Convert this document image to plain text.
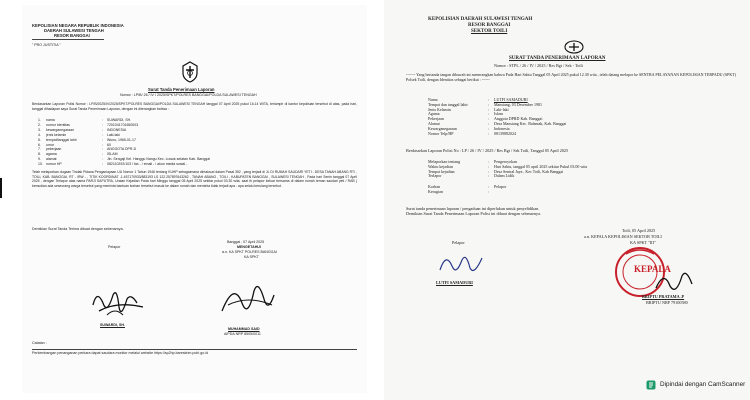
KEPOLISIAN NEGARA REPUBLIK INDONESIA
DAERAH SULAWESI TENGAH
RESOR BANGGAI
" PRO JUSTITIA "
Surat Tanda Penerimaan Laporan
Nomor : LP/B/ 26 / IV / 2025/SPKT/POLRES BANGGAI/POLDA SULAWESI TENGAH
Berdasarkan Laporan Polisi Nomor : LP/B/2025/IV/2025/SPKT/POLRES BANGGAI/POLDA SULAWESI TENGAH tanggal 07 April 2025 pukul 16.14 WITA, terlampir di kantor kepolisian tersebut di atas, pada hari, tanggal dihadapan saya Surat Tanda Penerimaan Laporan, dengan ini diterangkan bahwa :
1.	nama	:	SUWARDI, SH.
2.	nomor identitas	:	7201041701650003
3.	kewarganegaraan	:	INDONESIA
4.	jenis kelamin	:	Laki-laki
5.	tempat/tanggal lahir	:	Wuno, 1965-01-17
6.	umur	:	60
7.	pekerjaan	:	ANGGOTA DPR-D
8.	agama	:	ISLAM
9.	alamat	:	Jln. Sengaji Kel. Hanggu Nangu Kec. Luwuk selatan Kab. Banggai
10. nomor HP	:	082110292/103 / fax - / email - / akun media sosial -
Telah melaporkan dugaan Tindak Pidana Penganiayaan UU Nomor 1 Tahun 1946 tentang KUHP sebagaimana dimaksud dalam Pasal 352 , yang terjadi di JL DI RUMAH SAUDARI YETI - DESA TANAH ABANG RT/ , TOILI, KAB. BANGGAI, RT - /RW - , TITIK KOORDINAT -1.457170933/883193 LS 122.257897643262 , TANAH ABANG , TOILI , KABUPATEN BANGGAI , SULAWESI TENGAH , Pada hari Senin tanggal 07 April 2025 , dengan Terlapor atas nama PARJI SAPUTRA, Uraian Kejadian Pada hari Minggu tanggal 05 April 2025 sekitar pukul 03.30 wita, saat ib pelapor keluar bersama di dalam rumah teman saudari yeti / RAB ( kemudian ada seseorang warga tersebut yang meminta bantuan korban tersebut masuk ke dalam rumah dan meminta tidak terjadi apa - apa selalu berulang tersebut.
Demikian Surat Tanda Terima dibuat dengan sebenarnya.
Pelapor
SUWARDI, SH.
Banggai , 07 April 2025
MENGETAHUI
a.n. KA SPKT POLRES BANGGAI
KA SPKT
MUHAMMAD SAID
AIPDA NRP 8505/0011
Catatan :
Perkembangan penanganan perkara dapat saudara monitor melalui website https://sp2hp.bareskrim.polri.go.id
KEPOLISIAN DAERAH SULAWESI TENGAH
RESOR BANGGAI
SEKTOR TOILI
SURAT TANDA PENERIMAAN LAPORAN
Nomor : STPL / 26 / IV / 2025 / Res Bgi / Sek - Toili
------- Yang bertanda tangan dibawah ini menerangkan bahwa Pada Hari Sabtu Tanggal 05 April 2025 pukul 12.30 wita , telah datang melapor ke SENTRA PELAYANAN KEPOLISIAN TERPADU (SPKT) Polsek Toili, dengan Identitas sebagai berikut : ------
Nama	:	LUTFI SAMADURI
Tempat dan tanggal lahir	:	Mansiang, 03 Desember 1981
Jenis Kelamin	:	Laki-laki
Agama	:	Islam
Pekerjaan	:	Anggota DPRD Kab. Banggai
Alamat	:	Desa Mansiang Kec. Balantak, Kab. Banggai
Kewarganegaraan	:	Indonesia
Nomor Telp/HP	:	08139882024
Berdasarkan Laporan Polisi No : LP / 26 / IV / 2025 / Res Bgi / Sek Toili, Tanggal 05 April 2025
Melaporkan tentang	:	Pengeroyokan
Waktu kejadian	:	Hari Sabtu, tanggal 05 april 2025 sekitar Pukul 03.00 wita
Tempat kejadian	:	Desa Sentral Jaya , Kec Toili, Kab Banggai
Terlapor	:	Dalam Lidik
Korban	:	Pelapor
Kerugian	:
Surat tanda penerimaan laporan / pengaduan ini diperlukan untuk penyelidikan.
Demikian Surat Tanda Penerimaan Laporan Polisi ini dibuat dengan sebenarnya.
Toili, 05 April 2025
a.n. KEPALA KEPOLISIAN SEKTOR TOILI
KA SPKT "III"
Pelapor
LUTFI SAMADURI
KEPALA
BRIPTU PRATAMA .P
BRIPTU NRP 79100580
Dipindai dengan CamScanner
